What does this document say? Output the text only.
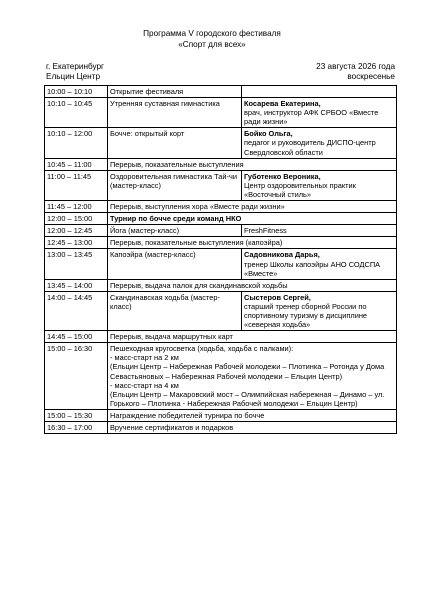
Программа V городского фестиваля
«Спорт для всех»
г. Екатеринбург
Ельцин Центр
23 августа 2026 года
воскресенье
10:00 – 10:10	Открытие фестиваля	

10:10 – 10:45	Утренняя суставная гимнастика	Косарева Екатерина,
врач, инструктор АФК СРБОО «Вместе ради жизни»

10:10 – 12:00	Бочче: открытый корт	Бойко Ольга,
педагог и руководитель ДИСПО-центр Свердловской области

10:45 – 11:00	Перерыв, показательные выступления	
11:00 – 11:45	Оздоровительная гимнастика Тай-чи (мастер-класс)	Губотенко Вероника,
Центр оздоровительных практик «Восточный стиль»

11:45 – 12:00	Перерыв, выступления хора «Вместе ради жизни»	
12:00 – 15:00	Турнир по бочче среди команд НКО	
12:00 – 12:45	Йога (мастер-класс)	FreshFitness

12:45 – 13:00	Перерыв, показательные выступления (капоэйра)	
13:00 – 13:45	Капоэйра (мастер-класс)	Садовникова Дарья,
тренер Школы капоэйры АНО СОДСПА «Вместе»

13:45 – 14:00	Перерыв, выдача палок для скандинавской ходьбы	
14:00 – 14:45	Скандинавская ходьба (мастер-класс)	Сыстеров Сергей,
старший тренер сборной России по спортивному туризму в дисциплине «северная ходьба»

14:45 – 15:00	Перерыв, выдача маршрутных карт	
15:00 – 16:30	Пешеходная кругосветка (ходьба, ходьба с палками):
- масс-старт на 2 км
(Ельцин Центр – Набережная Рабочей молодежи – Плотинка – Ротонда у Дома Севастьяновых – Набережная Рабочей молодежи – Ельцин Центр)
- масс-старт на 4 км
(Ельцин Центр – Макаровский мост – Олимпийская набережная – Динамо – ул. Горького – Плотинка - Набережная Рабочей молодежи – Ельцин Центр)	
15:00 – 15:30	Награждение победителей турнира по бочче	
16:30 – 17:00	Вручение сертификатов и подарков	
